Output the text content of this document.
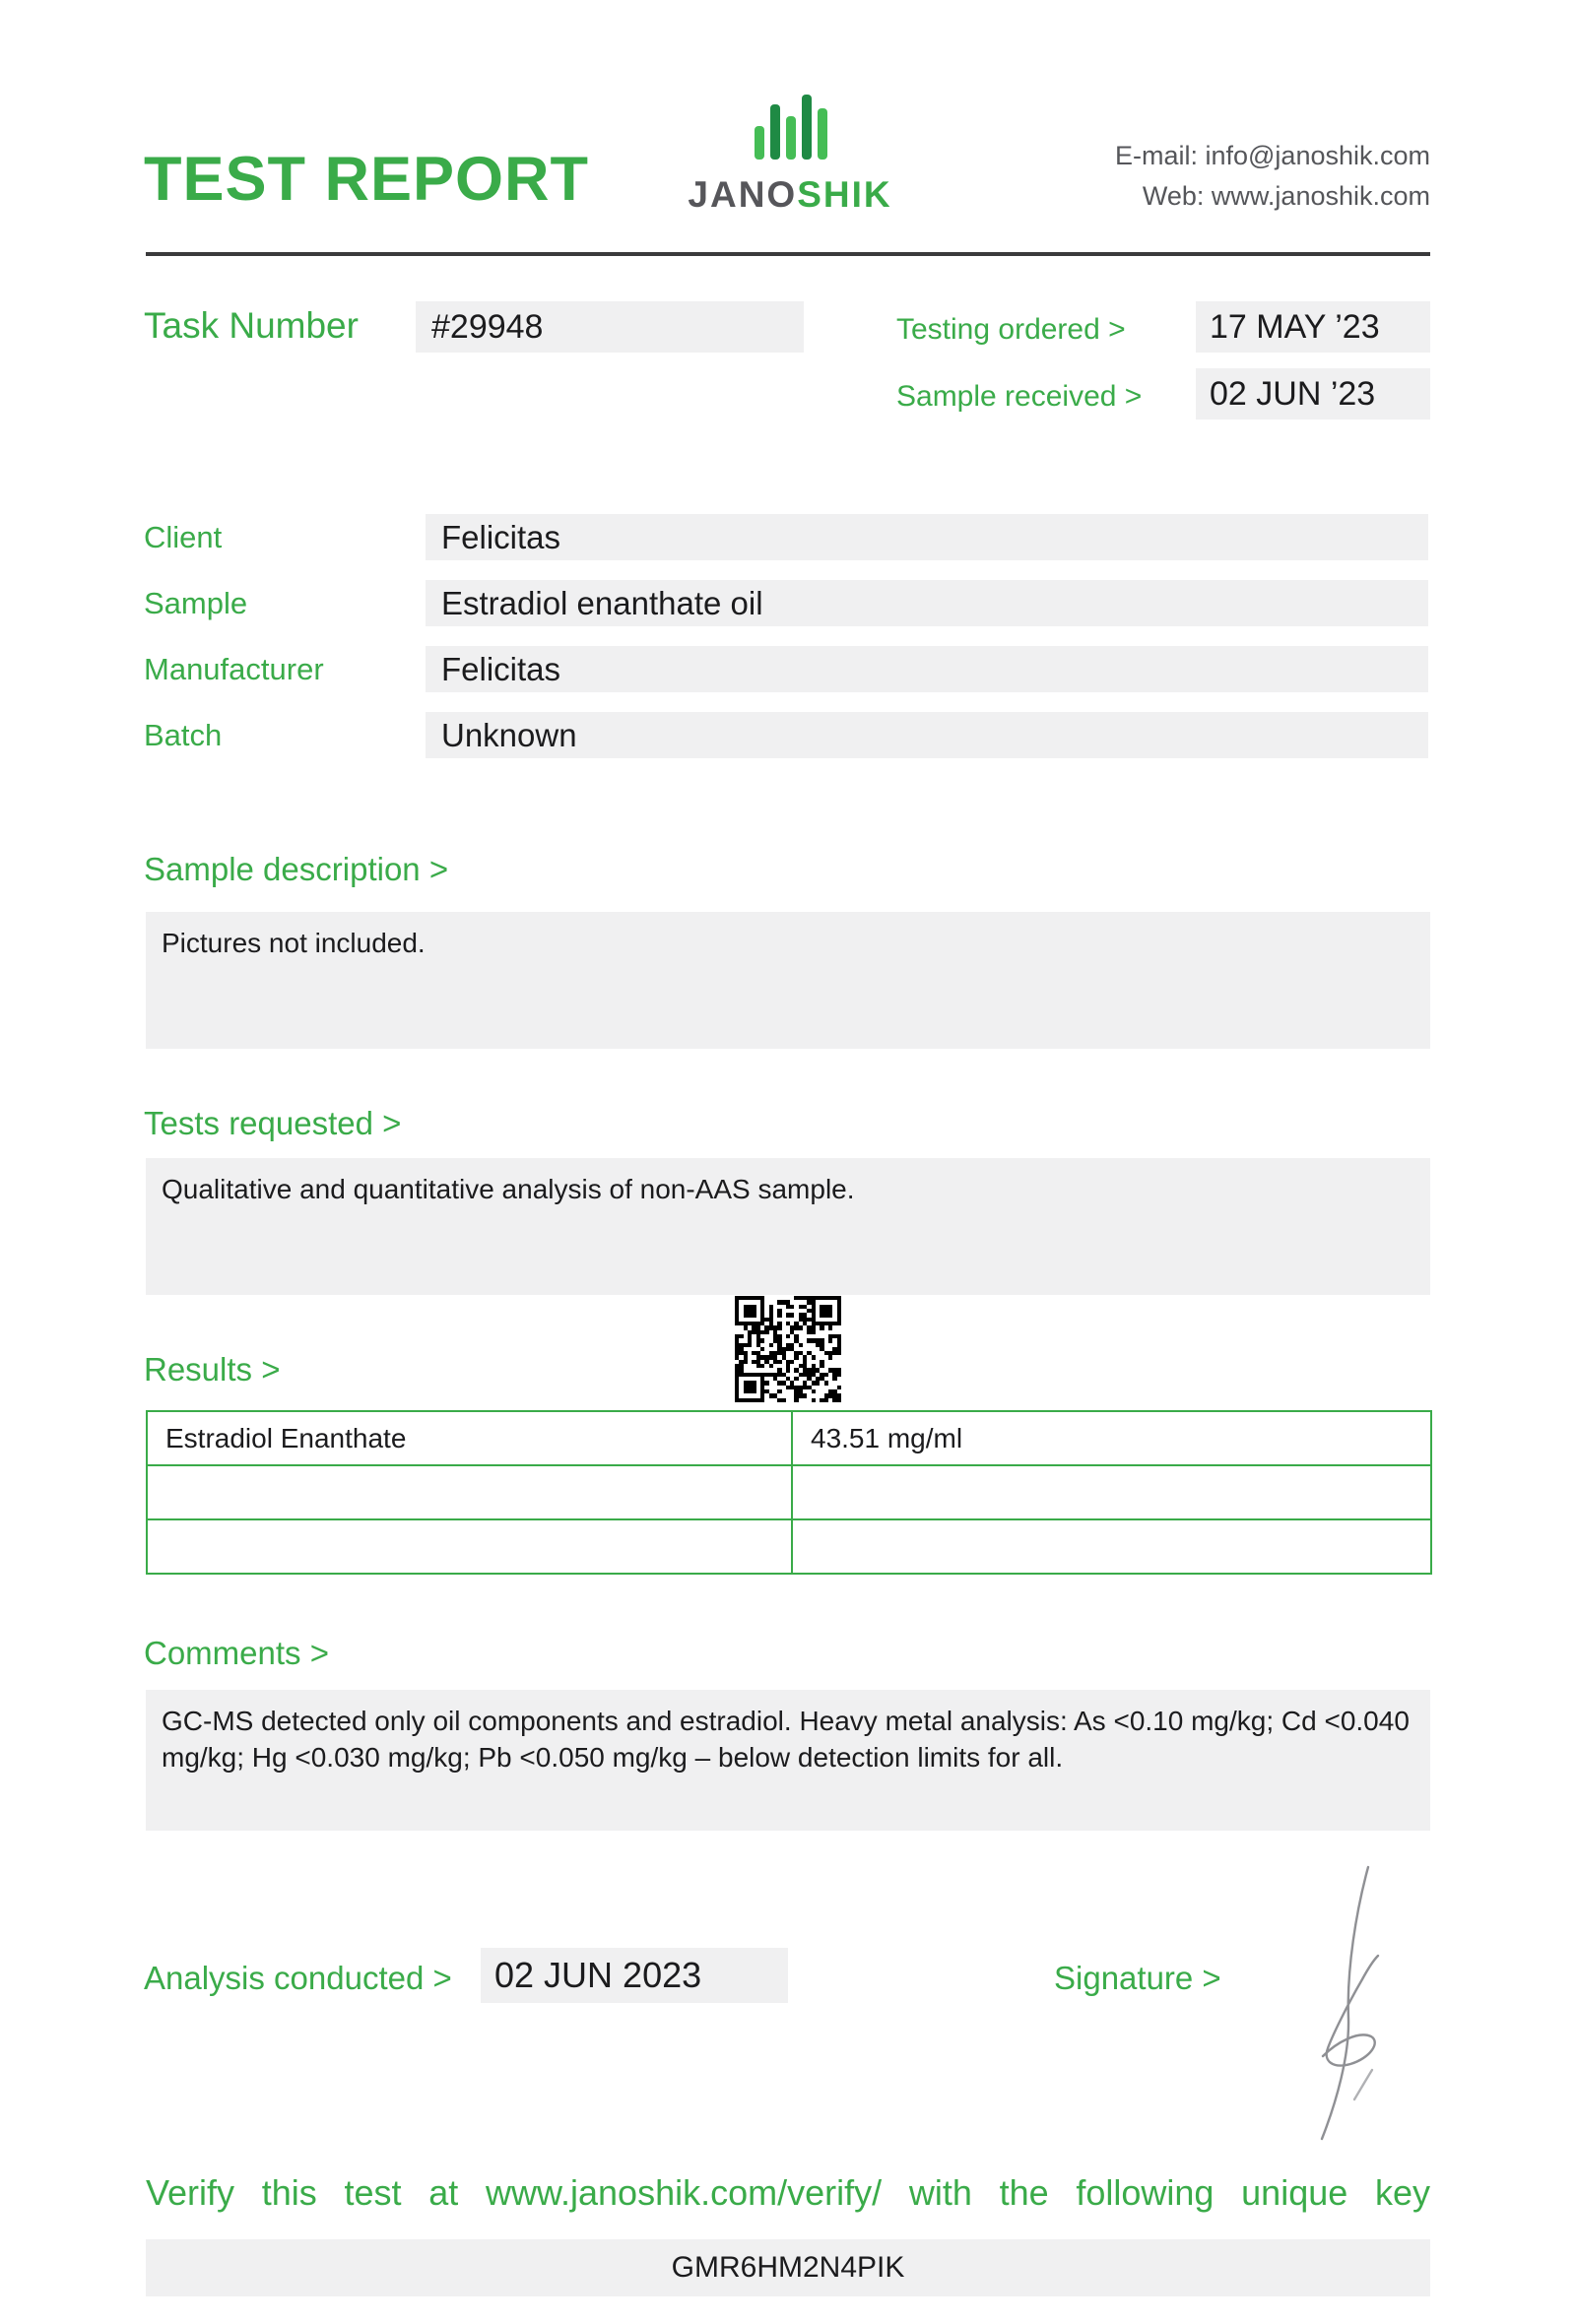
TEST REPORT	JANOSHIK
E-mail: info@janoshik.com
Web: www.janoshik.com
Task Number	#29948	Testing ordered >	17 MAY ’23
Sample received >	02 JUN ’23
Client	Felicitas
Sample	Estradiol enanthate oil
Manufacturer	Felicitas
Batch	Unknown
Sample description >
Pictures not included.
Tests requested >
Qualitative and quantitative analysis of non-AAS sample.
Results >
Estradiol Enanthate	43.51 mg/ml

Comments >
GC-MS detected only oil components and estradiol. Heavy metal analysis: As <0.10 mg/kg; Cd <0.040 mg/kg; Hg <0.030 mg/kg; Pb <0.050 mg/kg – below detection limits for all.
Analysis conducted >	02 JUN 2023	Signature >
Verify this test at www.janoshik.com/verify/ with the following unique key
GMR6HM2N4PIK
